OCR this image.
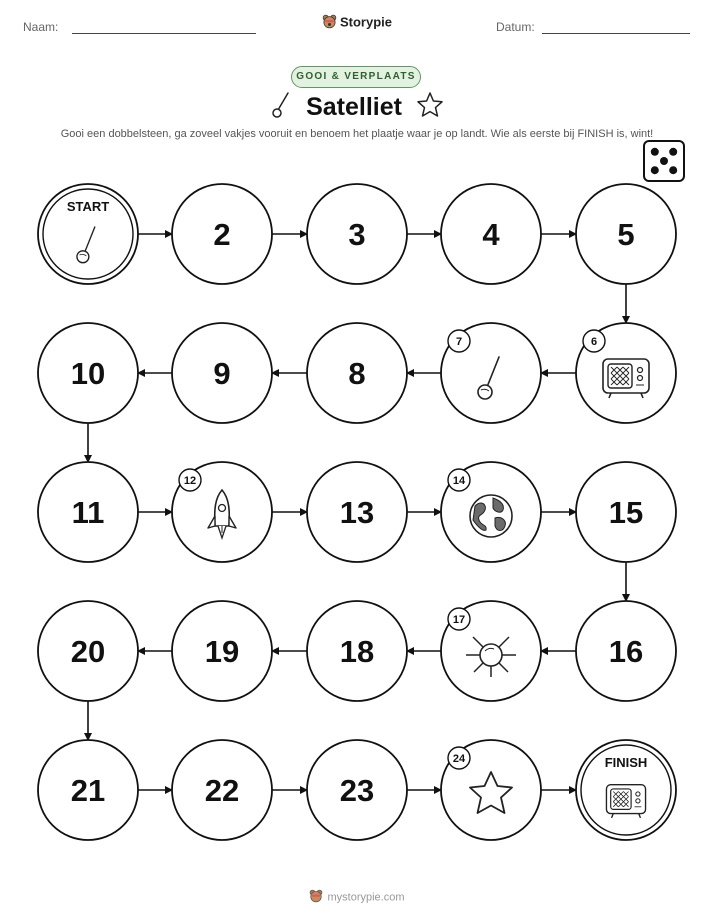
Naam:	Storypie	Datum:
GOOI & VERPLAATS
Satelliet
Gooi een dobbelsteen, ga zoveel vakjes vooruit en benoem het plaatje waar je op landt. Wie als eerste bij FINISH is, wint!
START
2	3	4	5
6
7
8
9
10
11
12
13
14
15
16
17
18
19
20
21	22	23
24	FINISH
mystorypie.com
